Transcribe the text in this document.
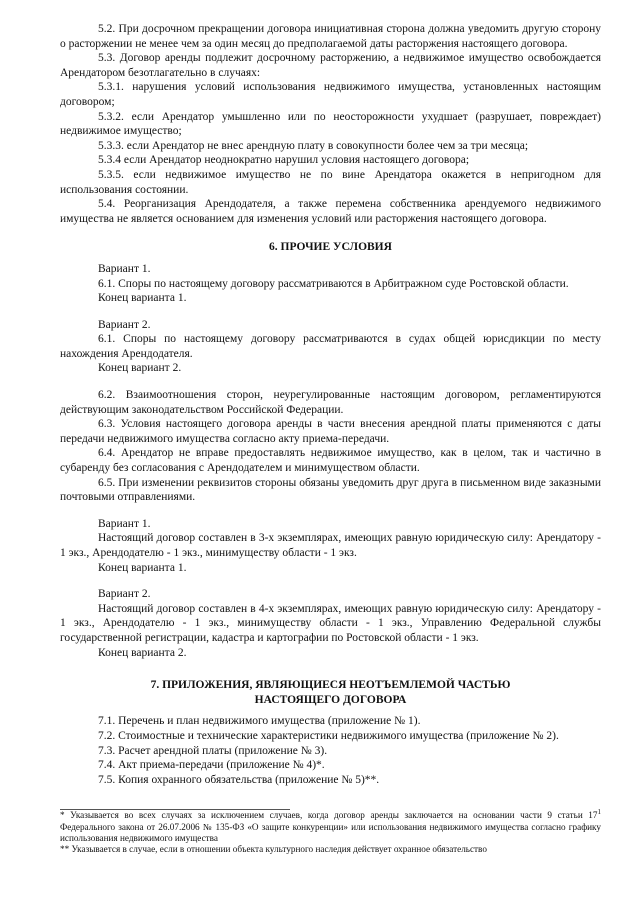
5.2. При досрочном прекращении договора инициативная сторона должна уведомить другую сторону о расторжении не менее чем за один месяц до предполагаемой даты расторжения настоящего договора.

5.3. Договор аренды подлежит досрочному расторжению, а недвижимое имущество освобождается Арендатором безотлагательно в случаях:

5.3.1. нарушения условий использования недвижимого имущества, установленных настоящим договором;

5.3.2. если Арендатор умышленно или по неосторожности ухудшает (разрушает, повреждает) недвижимое имущество;

5.3.3. если Арендатор не внес арендную плату в совокупности более чем за три месяца;

5.3.4 если Арендатор неоднократно нарушил условия настоящего договора;

5.3.5. если недвижимое имущество не по вине Арендатора окажется в непригодном для использования состоянии.

5.4. Реорганизация Арендодателя, а также перемена собственника арендуемого недвижимого имущества не является основанием для изменения условий или расторжения настоящего договора.

6. ПРОЧИЕ УСЛОВИЯ

Вариант 1.

6.1. Споры по настоящему договору рассматриваются в Арбитражном суде Ростовской области.

Конец варианта 1.

Вариант 2.

6.1. Споры по настоящему договору рассматриваются в судах общей юрисдикции по месту нахождения Арендодателя.

Конец вариант 2.

6.2. Взаимоотношения сторон, неурегулированные настоящим договором, регламентируются действующим законодательством Российской Федерации.

6.3. Условия настоящего договора аренды в части внесения арендной платы применяются с даты передачи недвижимого имущества согласно акту приема-передачи.

6.4. Арендатор не вправе предоставлять недвижимое имущество, как в целом, так и частично в субаренду без согласования с Арендодателем и минимуществом области.

6.5. При изменении реквизитов стороны обязаны уведомить друг друга в письменном виде заказными почтовыми отправлениями.

Вариант 1.

Настоящий договор составлен в 3-х экземплярах, имеющих равную юридическую силу: Арендатору - 1 экз., Арендодателю - 1 экз., минимуществу области - 1 экз.

Конец варианта 1.

Вариант 2.

Настоящий договор составлен в 4-х экземплярах, имеющих равную юридическую силу: Арендатору - 1 экз., Арендодателю - 1 экз., минимуществу области - 1 экз., Управлению Федеральной службы государственной регистрации, кадастра и картографии по Ростовской области - 1 экз.

Конец варианта 2.

7. ПРИЛОЖЕНИЯ, ЯВЛЯЮЩИЕСЯ НЕОТЪЕМЛЕМОЙ ЧАСТЬЮ
НАСТОЯЩЕГО ДОГОВОРА

7.1. Перечень и план недвижимого имущества (приложение № 1).

7.2. Стоимостные и технические характеристики недвижимого имущества (приложение № 2).

7.3. Расчет арендной платы (приложение № 3).

7.4. Акт приема-передачи (приложение № 4)*.

7.5. Копия охранного обязательства (приложение № 5)**.

* Указывается во всех случаях за исключением случаев, когда договор аренды заключается на основании части 9 статьи $17^1$ Федерального закона от 26.07.2006 № 135-ФЗ «О защите конкуренции» или использования недвижимого имущества согласно графику использования недвижимого имущества

** Указывается в случае, если в отношении объекта культурного наследия действует охранное обязательство
